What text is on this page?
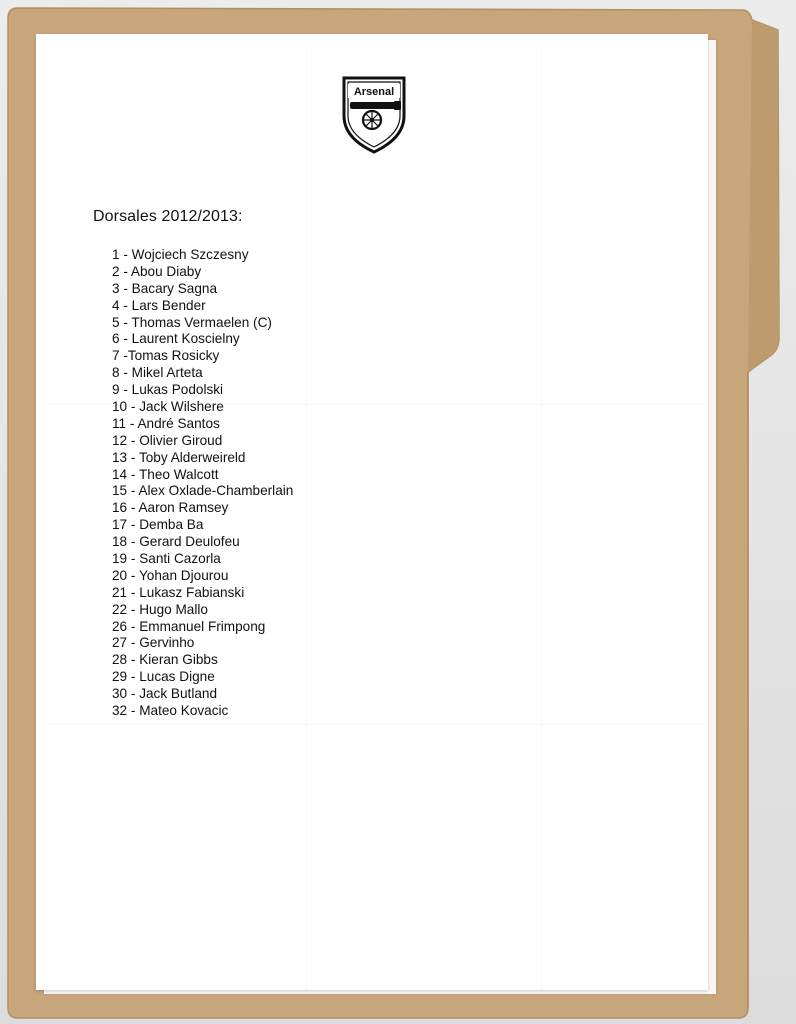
Arsenal
Dorsales 2012/2013:
1 - Wojciech Szczesny
2 - Abou Diaby
3 - Bacary Sagna
4 - Lars Bender
5 - Thomas Vermaelen (C)
6 - Laurent Koscielny
7 -Tomas Rosicky
8 - Mikel Arteta
9 - Lukas Podolski
10 - Jack Wilshere
11 - André Santos
12 - Olivier Giroud
13 - Toby Alderweireld
14 - Theo Walcott
15 - Alex Oxlade-Chamberlain
16 - Aaron Ramsey
17 - Demba Ba
18 - Gerard Deulofeu
19 - Santi Cazorla
20 - Yohan Djourou
21 - Lukasz Fabianski
22 - Hugo Mallo
26 - Emmanuel Frimpong
27 - Gervinho
28 - Kieran Gibbs
29 - Lucas Digne
30 - Jack Butland
32 - Mateo Kovacic
